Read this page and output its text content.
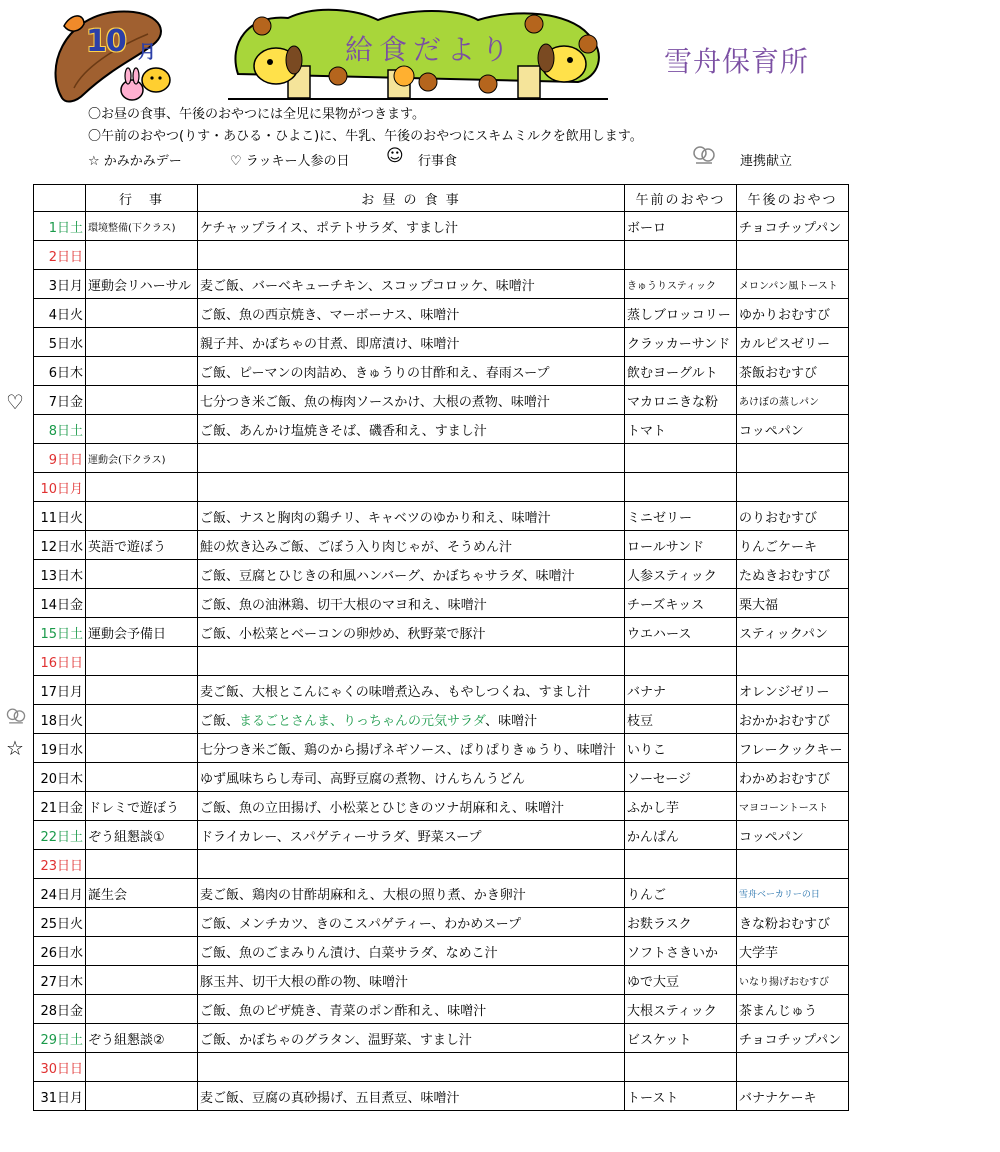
10 月	給食だより	雪舟保育所
〇お昼の食事、午後のおやつには全児に果物がつきます。
〇午前のおやつ(りす・あひる・ひよこ)に、牛乳、午後のおやつにスキムミルクを飲用します。
☆ かみかみデー	♡ ラッキー人参の日 ☺ 行事食	連携献立
♡
☆
	行　事	お 昼 の 食 事	午前のおやつ	午後のおやつ
1日土	環境整備(下クラス)	ケチャップライス、ポテトサラダ、すまし汁	ボーロ	チョコチップパン
2日日				
3日月	運動会リハーサル	麦ご飯、バーベキューチキン、スコップコロッケ、味噌汁	きゅうりスティック	メロンパン風トースト
4日火		ご飯、魚の西京焼き、マーボーナス、味噌汁	蒸しブロッコリー	ゆかりおむすび
5日水		親子丼、かぼちゃの甘煮、即席漬け、味噌汁	クラッカーサンド	カルピスゼリー
6日木		ご飯、ピーマンの肉詰め、きゅうりの甘酢和え、春雨スープ	飲むヨーグルト	茶飯おむすび
7日金		七分つき米ご飯、魚の梅肉ソースかけ、大根の煮物、味噌汁	マカロニきな粉	あけぼの蒸しパン
8日土		ご飯、あんかけ塩焼きそば、磯香和え、すまし汁	トマト	コッペパン
9日日	運動会(下クラス)			
10日月				
11日火		ご飯、ナスと胸肉の鶏チリ、キャベツのゆかり和え、味噌汁	ミニゼリー	のりおむすび
12日水	英語で遊ぼう	鮭の炊き込みご飯、ごぼう入り肉じゃが、そうめん汁	ロールサンド	りんごケーキ
13日木		ご飯、豆腐とひじきの和風ハンバーグ、かぼちゃサラダ、味噌汁	人参スティック	たぬきおむすび
14日金		ご飯、魚の油淋鶏、切干大根のマヨ和え、味噌汁	チーズキッス	栗大福
15日土	運動会予備日	ご飯、小松菜とベーコンの卵炒め、秋野菜で豚汁	ウエハース	スティックパン
16日日				
17日月		麦ご飯、大根とこんにゃくの味噌煮込み、もやしつくね、すまし汁	バナナ	オレンジゼリー
18日火		ご飯、まるごとさんま、りっちゃんの元気サラダ、味噌汁	枝豆	おかかおむすび
19日水		七分つき米ご飯、鶏のから揚げネギソース、ぱりぱりきゅうり、味噌汁	いりこ	フレークックキー
20日木		ゆず風味ちらし寿司、高野豆腐の煮物、けんちんうどん	ソーセージ	わかめおむすび
21日金	ドレミで遊ぼう	ご飯、魚の立田揚げ、小松菜とひじきのツナ胡麻和え、味噌汁	ふかし芋	マヨコーントースト
22日土	ぞう組懇談①	ドライカレー、スパゲティーサラダ、野菜スープ	かんぱん	コッペパン
23日日				
24日月	誕生会	麦ご飯、鶏肉の甘酢胡麻和え、大根の照り煮、かき卵汁	りんご	雪舟ベーカリーの日
25日火		ご飯、メンチカツ、きのこスパゲティー、わかめスープ	お麩ラスク	きな粉おむすび
26日水		ご飯、魚のごまみりん漬け、白菜サラダ、なめこ汁	ソフトさきいか	大学芋
27日木		豚玉丼、切干大根の酢の物、味噌汁	ゆで大豆	いなり揚げおむすび
28日金		ご飯、魚のピザ焼き、青菜のポン酢和え、味噌汁	大根スティック	茶まんじゅう
29日土	ぞう組懇談②	ご飯、かぼちゃのグラタン、温野菜、すまし汁	ビスケット	チョコチップパン
30日日				
31日月		麦ご飯、豆腐の真砂揚げ、五目煮豆、味噌汁	トースト	バナナケーキ
